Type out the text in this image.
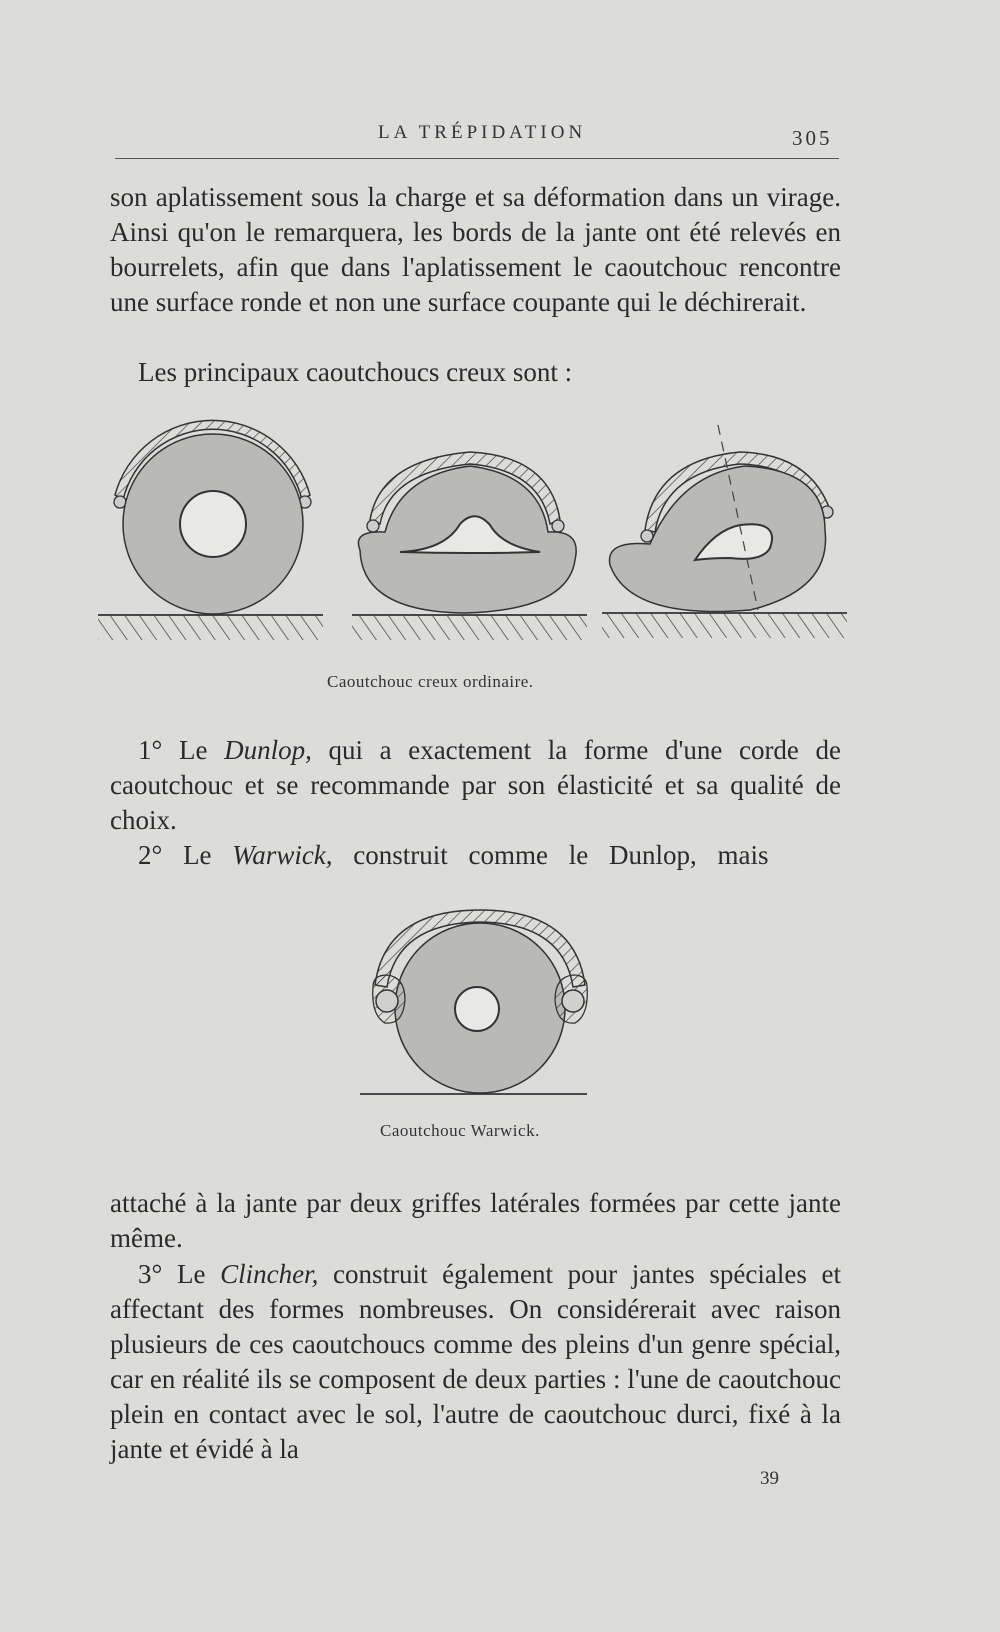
LA TRÉPIDATION	305

son aplatissement sous la charge et sa déformation dans un virage. Ainsi qu'on le remarquera, les bords de la jante ont été relevés en bourrelets, afin que dans l'aplatissement le caoutchouc rencontre une surface ronde et non une surface coupante qui le déchirerait.

Les principaux caoutchoucs creux sont :

Caoutchouc creux ordinaire.

1° Le Dunlop, qui a exactement la forme d'une corde de caoutchouc et se recommande par son élasticité et sa qualité de choix.

2° Le Warwick, construit comme le Dunlop, mais

Caoutchouc Warwick.

attaché à la jante par deux griffes latérales formées par cette jante même.

3° Le Clincher, construit également pour jantes spéciales et affectant des formes nombreuses. On considérerait avec raison plusieurs de ces caoutchoucs comme des pleins d'un genre spécial, car en réalité ils se composent de deux parties : l'une de caoutchouc plein en contact avec le sol, l'autre de caoutchouc durci, fixé à la jante et évidé à la

39
